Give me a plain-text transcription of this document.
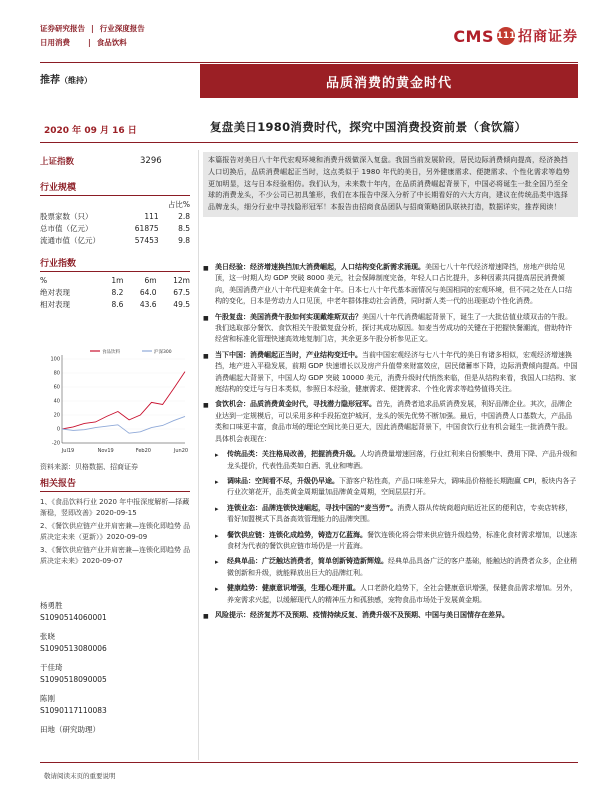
证券研究报告 | 行业深度报告
日用消费 | 食品饮料	CMS 111 招商证券
推荐（维持）	品质消费的黄金时代
2020 年 09 月 16 日	复盘美日1980消费时代，探究中国消费投资前景（食饮篇）
上证指数	3296
行业规模
		占比%
股票家数（只）	111	2.8
总市值（亿元）	61875	8.5
流通市值（亿元）	57453	9.8
行业指数
%	1m	6m	12m
绝对表现	8.2	64.0	67.5
相对表现	8.6	43.6	49.5
食品饮料	沪深300
100
80
60
40
20
0
-20
Jul19	Nov19	Feb20	Jun20
资料来源：贝格数据、招商证券
相关报告
1、《食品饮料行业 2020 年中报深度解析—择藏渐稳，竖即改善》2020-09-15
2、《餐饮供应链产业并肩密兼—连锁化即趋势 品质决定未来（更新）》2020-09-09
3、《餐饮供应链产业并肩密兼—连锁化即趋势 品质决定未来》2020-09-07
杨勇胜
S1090514060001
张晓
S1090513080006
于佳琦
S1090518090005
陈刚
S1090117110083
田地（研究助理）
本篇报告对美日八十年代宏观环境和消费升级做深入复盘。我国当前发展阶段，居民边际消费倾向提高，经济换挡人口切换后，品质消费崛起正当时，这点类似于 1980 年代的美日，另外健康需求、便捷需求、个性化需求等趋势更加明显，这与日本经验相仿。我们认为，未来数十年内，在品质消费崛起背景下，中国必将诞生一批全国乃至全球的消费龙头，不少公司已初具雏形，我们在本报告中深入分析了中长期看好的六大方向，建议在传统品类中选择品牌龙头，细分行业中寻找隐形冠军！本报告由招商食品团队与招商策略团队联袂打造，数据详实，推荐阅读！
■ 美日经验：经济增速换挡加大消费崛起，人口结构变化新需求涌现。美国七八十年代经济增速降挡，房地产供给见顶，这一时期人均 GDP 突破 8000 美元，社会保障制度完备，年轻人口占比提升，多种因素共同提高居民消费倾向，美国消费产业八十年代迎来黄金十年。日本七八十年代基本面情况与美国相同的宏观环境，但不同之处在人口结构的变化，日本是劳动力人口见顶，中老年群体推动社会消费，同时新人类一代的出现驱动个性化消费。
■ 午股复盘：美国消费午股如何实现戴维斯双击？美国八十年代消费崛起背景下，诞生了一大批估值业绩双击的午股。我们选取部分餐饮、食饮相关午股做复盘分析，探讨其成功原因。如麦当劳成功的关键在于把握快餐潮流，借助特许经营和标准化管理快速高效地复制门店，其余更多午股分析参见正文。
■ 当下中国：消费崛起正当时，产业结构变迁中。当前中国宏观经济与七八十年代的美日有诸多相似，宏观经济增速换挡，地产进入平稳发展，前期 GDP 快速增长以及房产升值带来财富效应，居民储蓄率下降，边际消费倾向提高。中国消费崛起大背景下，中国人均 GDP 突破 10000 美元，消费升级时代悄然来临，但是从结构来看，我国人口结构、家庭结构的变迁与与日本类似，参照日本经验，健康需求、便捷需求、个性化需求等趋势值得关注。
■ 食饮机会：品质消费黄金时代，寻找潜力隐形冠军。首先，消费者追求品质消费发展，利好品牌企业。其次，品牌企业达到一定规模后，可以采用多种手段拓宽护城河，龙头的领先优势不断加强。最后，中国消费人口基数大，产品品类和口味更丰富，食品市场的理论空间比美日更大，因此消费崛起背景下，中国食饮行业有机会诞生一批消费午股。具体机会表现在：
▸	传统品类：关注格局改善，把握消费升级。人均消费量增速回落，行业红利来自份额集中、费用下降、产品升级和龙头提价，代表性品类如白酒、乳业和啤酒。
▸	调味品：空间看不尽，升级仍早途。下游客户粘性高，产品口味差异大，调味品价格能长期跑赢 CPI，板块内各子行业次第花开，品类黄金周期量加品牌黄金周期，空间层层打开。
▸	连锁业态：品牌连锁快速崛起，寻找中国的“麦当劳”。消费人群从传统商超向贴近社区的便利店，专卖店转移，看好加盟模式下具备高效管理能力的品牌突围。
▸	餐饮供应链：连锁化成趋势，铸造万亿蓝海。餐饮连锁化将会带来供应链升级趋势，标准化食材需求增加，以速冻食材为代表的餐饮供应链市场仍是一片蓝海。
▸	经典单品：广泛触达消费者，简单创新铸造新辉煌。经典单品具备广泛的客户基础，能触达的消费者众多，企业稍微创新和升级，就能释放出巨大的品牌红利。
▸	健康趋势：健康意识增强，生理心理并重。人口老龄化趋势下，全社会健康意识增强，保健食品需求增加。另外，养宠需求兴起，以缓解现代人的精神压力和孤独感，宠物食品市场处于发展黄金期。
■ 风险提示：经济复苏不及预期、疫情持续反复、消费升级不及预期、中国与美日国情存在差异。
敬请阅读末页的重要说明
